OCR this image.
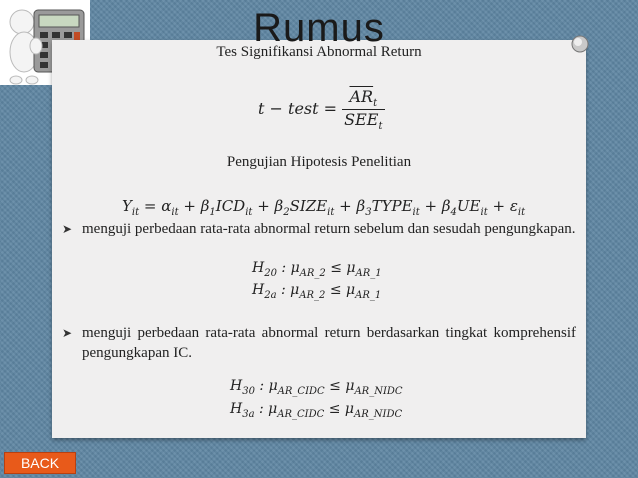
Rumus
Tes Signifikansi Abnormal Return
t − test = $\frac{\overline{AR}_t}{SEE_t}$
Pengujian Hipotesis Penelitian
$Y_{it} = \alpha_{it} + \beta_1ICD_{it}$ + $\beta_2SIZE_{it}$ + $\beta_3TYPE_{it} + \beta_4UE_{it} + \varepsilon_{it}$
➤ menguji perbedaan rata-rata abnormal return sebelum dan sesudah pengungkapan.
$H_{20}$ : $\mu_{AR\_2} \le \mu_{AR\_1}$
$H_{2a}$ : $\mu_{AR\_2} \le \mu_{AR\_1}$
➤ menguji perbedaan rata-rata abnormal return berdasarkan tingkat komprehensif pengungkapan IC.
$H_{30}$ : $\mu_{AR\_CIDC} \le \mu_{AR\_NIDC}$
$H_{3a}$ : $\mu_{AR\_CIDC} \le \mu_{AR\_NIDC}$
BACK
